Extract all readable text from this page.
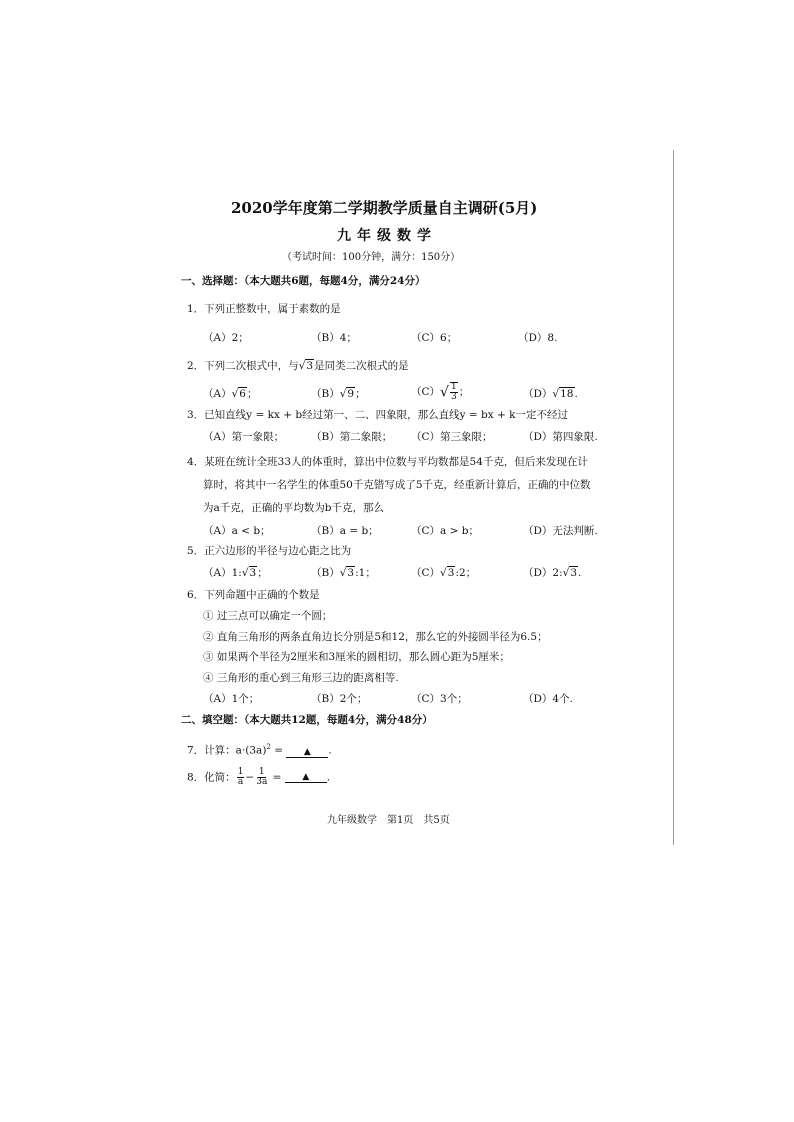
2020学年度第二学期教学质量自主调研(5月)
九年级数学
（考试时间：100分钟，满分：150分）
一、选择题：（本大题共6题，每题4分，满分24分）
1．下列正整数中，属于素数的是
（A）2；	（B）4；	（C）6；	（D）8.
2．下列二次根式中，与√3是同类二次根式的是
（A）√6；	（B）√9；	$(C)√ \frac{1}{3}$ ；	（D）√18.
3．已知直线y = kx + b经过第一、二、四象限，那么直线y = bx + k一定不经过
（A）第一象限；	（B）第二象限； （C）第三象限；	（D）第四象限.
4．某班在统计全班33人的体重时，算出中位数与平均数都是54千克，但后来发现在计
算时，将其中一名学生的体重50千克错写成了5千克，经重新计算后，正确的中位数
为a千克，正确的平均数为b千克，那么
（A）a < b；	（B）a = b；	（C）a > b；	（D）无法判断.
5．正六边形的半径与边心距之比为
（A）1:√3；	（B）√3:1；	（C）√3:2；	（D）2:√3.
6．下列命题中正确的个数是
① 过三点可以确定一个圆；
② 直角三角形的两条直角边长分别是5和12，那么它的外接圆半径为6.5；
③ 如果两个半径为2厘米和3厘米的圆相切，那么圆心距为5厘米；
④ 三角形的重心到三角形三边的距离相等.
（A）1个；	（B）2个；	（C）3个；	（D）4个.
二、填空题：（本大题共12题，每题4分，满分48分）
7．计算：$a\cdot(3a)^2$ = ▲ .
8．化简： $\frac{1}{a} - \frac{1}{3a}$ = ▲ .
九年级数学　第1页　共5页
